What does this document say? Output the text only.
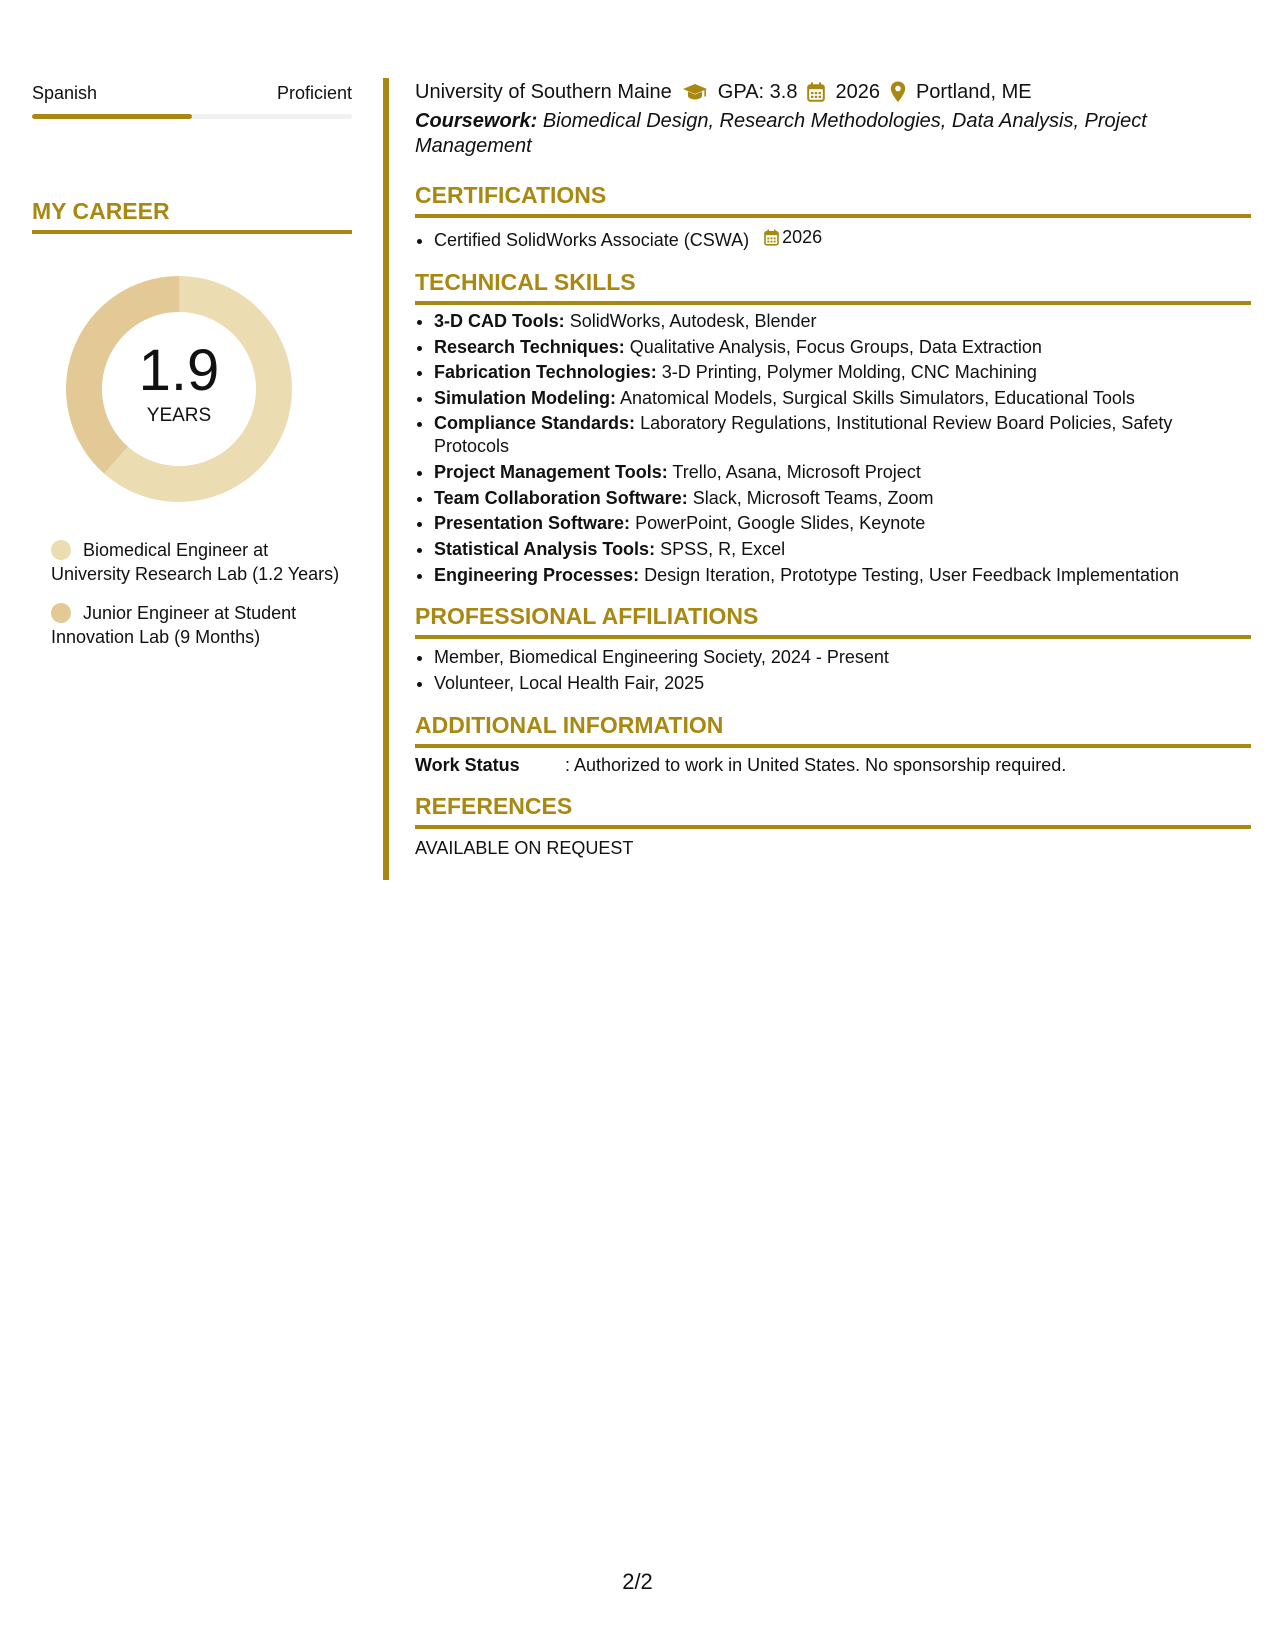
Spanish	Proficient
MY CAREER
1.9
YEARS
Biomedical Engineer at University Research Lab (1.2 Years)
Junior Engineer at Student Innovation Lab (9 Months)
University of Southern Maine GPA: 3.8 2026 Portland, ME
Coursework: Biomedical Design, Research Methodologies, Data Analysis, Project Management
CERTIFICATIONS
• Certified SolidWorks Associate (CSWA) 2026
TECHNICAL SKILLS
• 3-D CAD Tools: SolidWorks, Autodesk, Blender
• Research Techniques: Qualitative Analysis, Focus Groups, Data Extraction
• Fabrication Technologies: 3-D Printing, Polymer Molding, CNC Machining
• Simulation Modeling: Anatomical Models, Surgical Skills Simulators, Educational Tools
• Compliance Standards: Laboratory Regulations, Institutional Review Board Policies, Safety Protocols
• Project Management Tools: Trello, Asana, Microsoft Project
• Team Collaboration Software: Slack, Microsoft Teams, Zoom
• Presentation Software: PowerPoint, Google Slides, Keynote
• Statistical Analysis Tools: SPSS, R, Excel
• Engineering Processes: Design Iteration, Prototype Testing, User Feedback Implementation
PROFESSIONAL AFFILIATIONS
• Member, Biomedical Engineering Society, 2024 - Present
• Volunteer, Local Health Fair, 2025
ADDITIONAL INFORMATION
Work Status	: Authorized to work in United States. No sponsorship required.
REFERENCES
AVAILABLE ON REQUEST
2/2
